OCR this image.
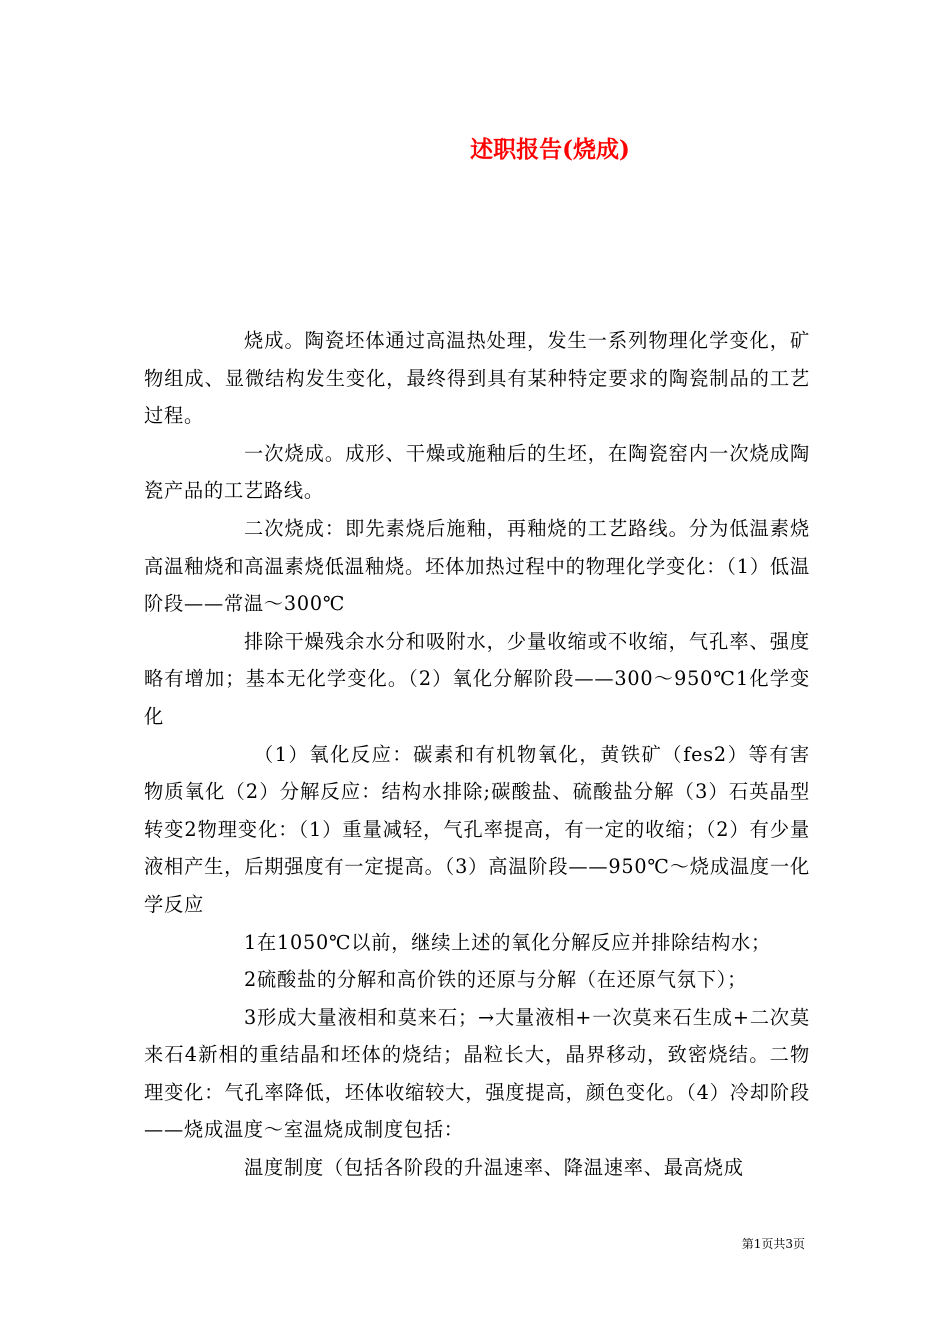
述职报告(烧成)

烧成。陶瓷坯体通过高温热处理，发生一系列物理化学变化，矿物组成、显微结构发生变化，最终得到具有某种特定要求的陶瓷制品的工艺过程。

一次烧成。成形、干燥或施釉后的生坯，在陶瓷窑内一次烧成陶瓷产品的工艺路线。

二次烧成：即先素烧后施釉，再釉烧的工艺路线。分为低温素烧高温釉烧和高温素烧低温釉烧。坯体加热过程中的物理化学变化：（1）低温阶段——常温～300℃

排除干燥残余水分和吸附水，少量收缩或不收缩，气孔率、强度略有增加；基本无化学变化。（2）氧化分解阶段——300～950℃1化学变化

（1）氧化反应：碳素和有机物氧化，黄铁矿（fes2）等有害物质氧化（2）分解反应：结构水排除;碳酸盐、硫酸盐分解（3）石英晶型转变2物理变化：（1）重量减轻，气孔率提高，有一定的收缩；（2）有少量液相产生，后期强度有一定提高。（3）高温阶段——950℃～烧成温度一化学反应

1在1050℃以前，继续上述的氧化分解反应并排除结构水；

2硫酸盐的分解和高价铁的还原与分解（在还原气氛下）；

3形成大量液相和莫来石；→大量液相+一次莫来石生成+二次莫来石4新相的重结晶和坯体的烧结；晶粒长大，晶界移动，致密烧结。二物理变化：气孔率降低，坯体收缩较大，强度提高，颜色变化。（4）冷却阶段——烧成温度～室温烧成制度包括：

温度制度（包括各阶段的升温速率、降温速率、最高烧成

第1页共3页
